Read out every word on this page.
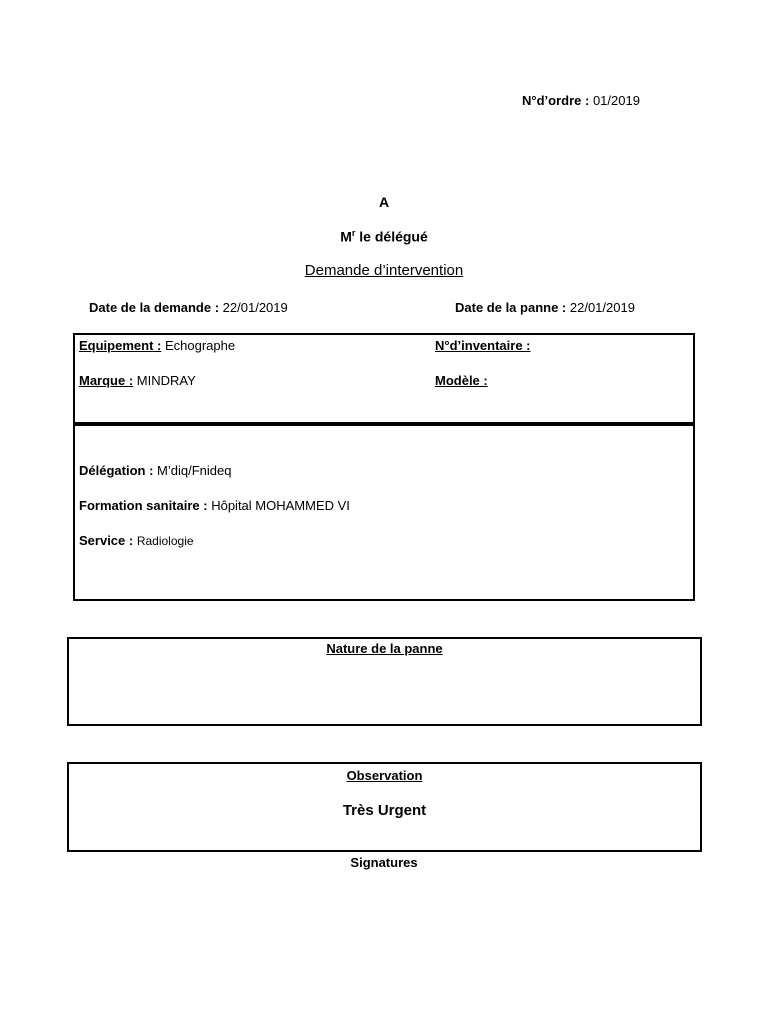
N°d’ordre : 01/2019
A
$M^r$ le délégué
Demande d’intervention
Date de la demande : 22/01/2019	Date de la panne : 22/01/2019
Equipement : Echographe	N°d’inventaire :
Marque : MINDRAY	Modèle :
Délégation : M’diq/Fnideq
Formation sanitaire : Hôpital MOHAMMED VI
Service : Radiologie
Nature de la panne
Observation
Très Urgent
Signatures
